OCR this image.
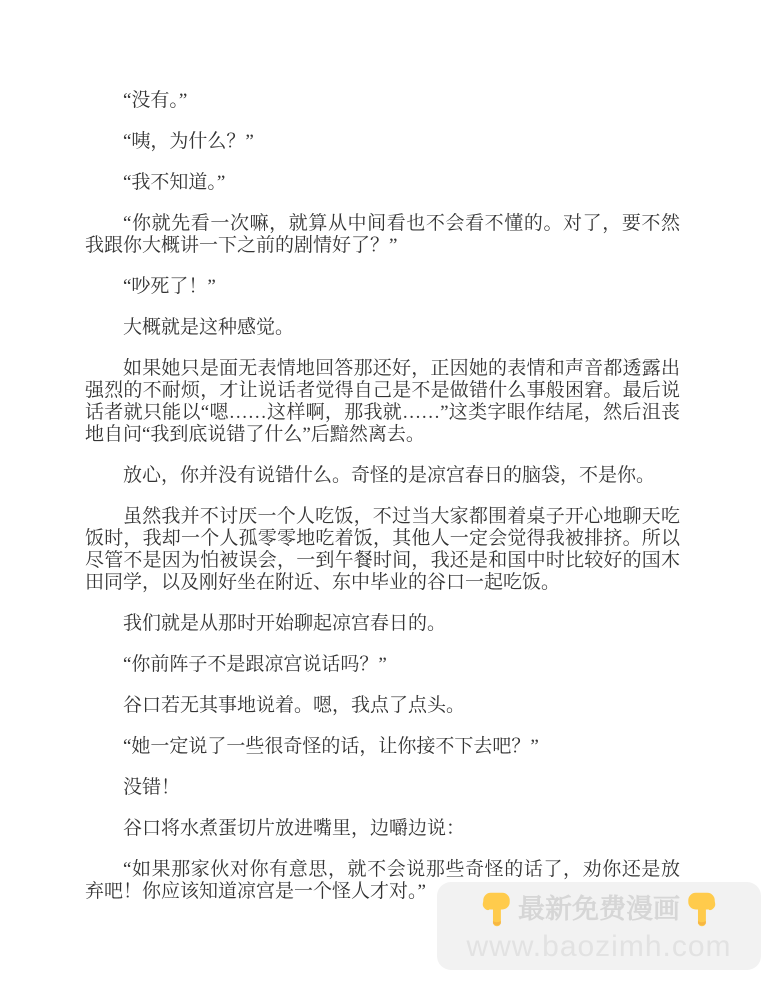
“没有。”

“咦，为什么？”

“我不知道。”

“你就先看一次嘛，就算从中间看也不会看不懂的。对了，要不然我跟你大概讲一下之前的剧情好了？”

“吵死了！”

大概就是这种感觉。

如果她只是面无表情地回答那还好，正因她的表情和声音都透露出强烈的不耐烦，才让说话者觉得自己是不是做错什么事般困窘。最后说话者就只能以“嗯……这样啊，那我就……”这类字眼作结尾，然后沮丧地自问“我到底说错了什么”后黯然离去。

放心，你并没有说错什么。奇怪的是凉宫春日的脑袋，不是你。

虽然我并不讨厌一个人吃饭，不过当大家都围着桌子开心地聊天吃饭时，我却一个人孤零零地吃着饭，其他人一定会觉得我被排挤。所以尽管不是因为怕被误会，一到午餐时间，我还是和国中时比较好的国木田同学，以及刚好坐在附近、东中毕业的谷口一起吃饭。

我们就是从那时开始聊起凉宫春日的。

“你前阵子不是跟凉宫说话吗？”

谷口若无其事地说着。嗯，我点了点头。

“她一定说了一些很奇怪的话，让你接不下去吧？”

没错！

谷口将水煮蛋切片放进嘴里，边嚼边说：

“如果那家伙对你有意思，就不会说那些奇怪的话了，劝你还是放弃吧！你应该知道凉宫是一个怪人才对。”

最新免费漫画
www.baozimh.com
